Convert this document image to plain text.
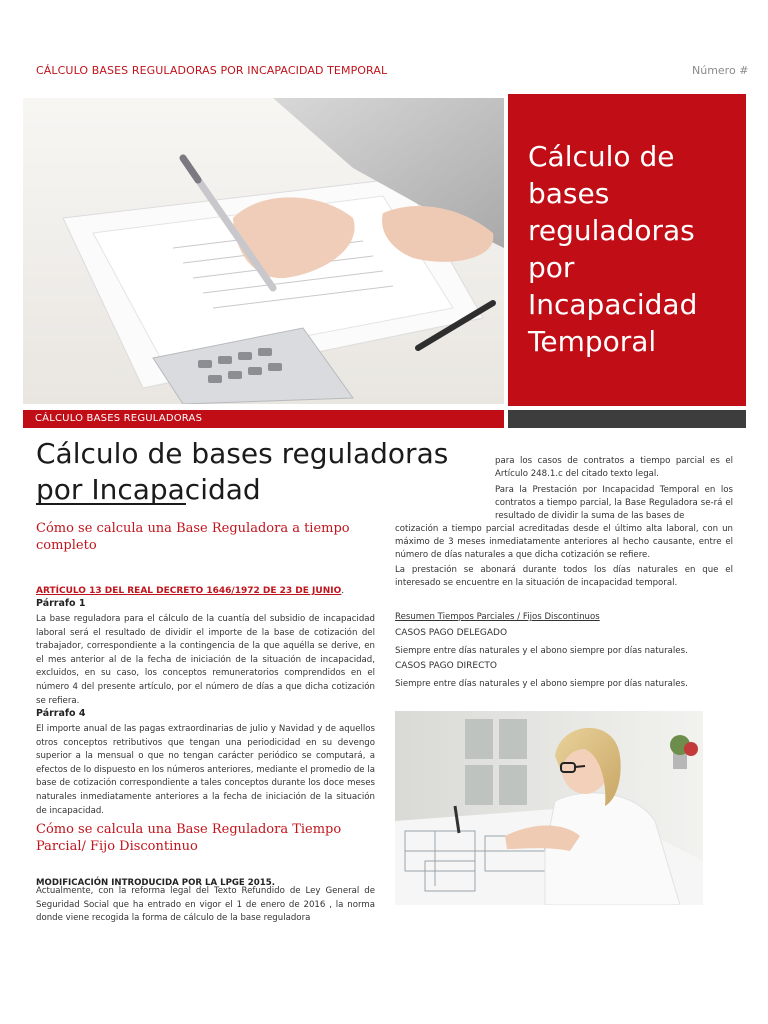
CÁLCULO BASES REGULADORAS POR INCAPACIDAD TEMPORAL	Número #
Cálculo de bases reguladoras por Incapacidad Temporal
CÁLCULO BASES REGULADORAS
Cálculo de bases reguladoras por Incapacidad
Cómo se calcula una Base Reguladora a tiempo completo
ARTÍCULO 13 DEL REAL DECRETO 1646/1972 DE 23 DE JUNIO.
Párrafo 1
La base reguladora para el cálculo de la cuantía del subsidio de incapacidad laboral será el resultado de dividir el importe de la base de cotización del trabajador, correspondiente a la contingencia de la que aquélla se derive, en el mes anterior al de la fecha de iniciación de la situación de incapacidad, excluidos, en su caso, los conceptos remuneratorios comprendidos en el número 4 del presente artículo, por el número de días a que dicha cotización se refiera.
Párrafo 4
El importe anual de las pagas extraordinarias de julio y Navidad y de aquellos otros conceptos retributivos que tengan una periodicidad en su devengo superior a la mensual o que no tengan carácter periódico se computará, a efectos de lo dispuesto en los números anteriores, mediante el promedio de la base de cotización correspondiente a tales conceptos durante los doce meses naturales inmediatamente anteriores a la fecha de iniciación de la situación de incapacidad.
Cómo se calcula una Base Reguladora Tiempo Parcial/ Fijo Discontinuo
MODIFICACIÓN INTRODUCIDA POR LA LPGE 2015.
Actualmente, con la reforma legal del Texto Refundido de Ley General de Seguridad Social que ha entrado en vigor el 1 de enero de 2016 , la norma donde viene recogida la forma de cálculo de la base reguladora
para los casos de contratos a tiempo parcial es el Artículo 248.1.c del citado texto legal.
Para la Prestación por Incapacidad Temporal en los contratos a tiempo parcial, la Base Reguladora se-rá el resultado de dividir la suma de las bases de
cotización a tiempo parcial acreditadas desde el último alta laboral, con un máximo de 3 meses inmediatamente anteriores al hecho causante, entre el número de días naturales a que dicha cotización se refiere.
La prestación se abonará durante todos los días naturales en que el interesado se encuentre en la situación de incapacidad temporal.
Resumen Tiempos Parciales / Fijos Discontinuos
CASOS PAGO DELEGADO
Siempre entre días naturales y el abono siempre por días naturales.
CASOS PAGO DIRECTO
Siempre entre días naturales y el abono siempre por días naturales.
